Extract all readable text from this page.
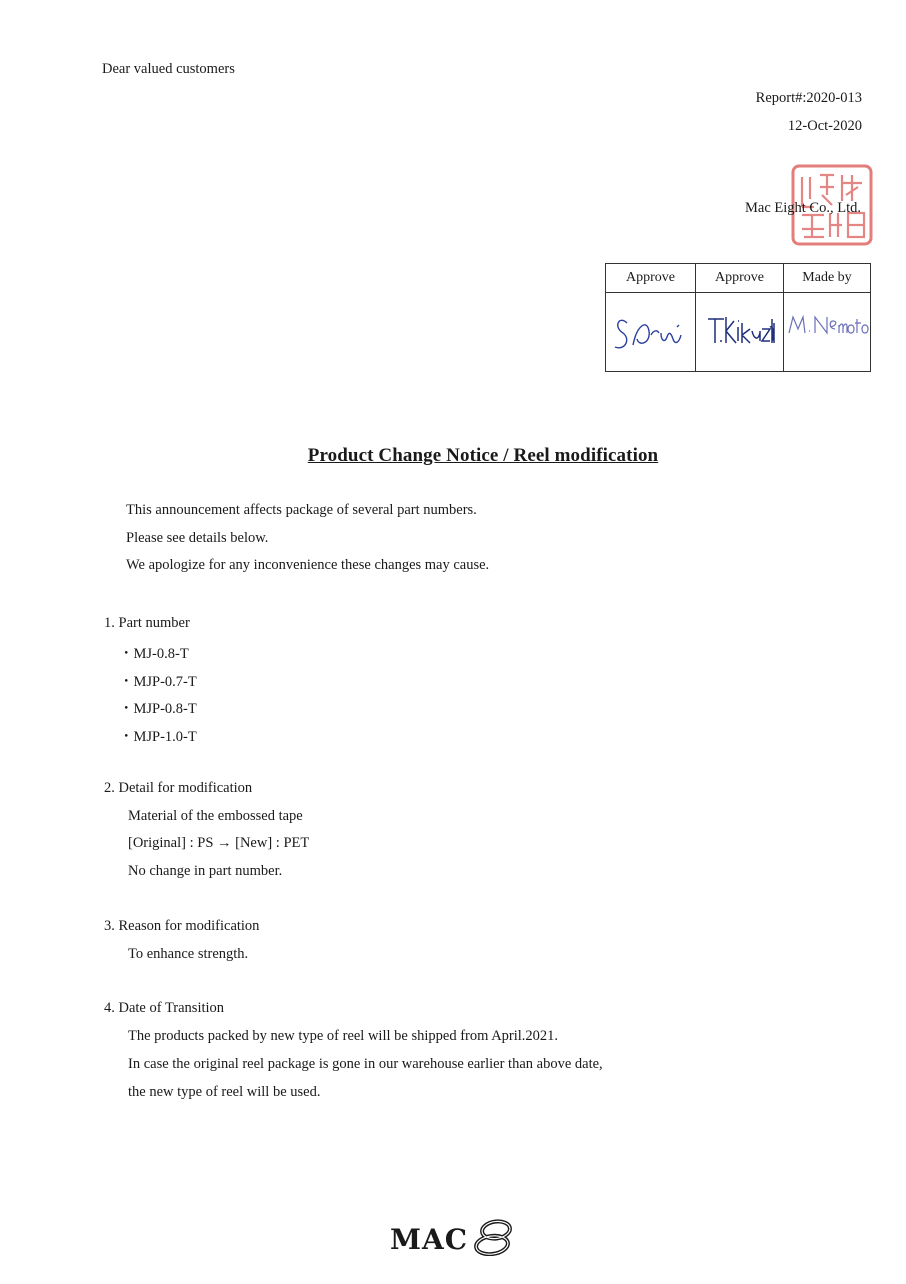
Dear valued customers
Report#:2020-013
12-Oct-2020
Mac Eight Co., Ltd.
Approve	Approve	Made by

Product Change Notice / Reel modification
This announcement affects package of several part numbers.
Please see details below.
We apologize for any inconvenience these changes may cause.
1. Part number
・MJ-0.8-T
・MJP-0.7-T
・MJP-0.8-T
・MJP-1.0-T
2. Detail for modification
Material of the embossed tape
[Original] : PS → [New] : PET
No change in part number.
3. Reason for modification
To enhance strength.
4. Date of Transition
The products packed by new type of reel will be shipped from April.2021.
In case the original reel package is gone in our warehouse earlier than above date,
the new type of reel will be used.
MAC
